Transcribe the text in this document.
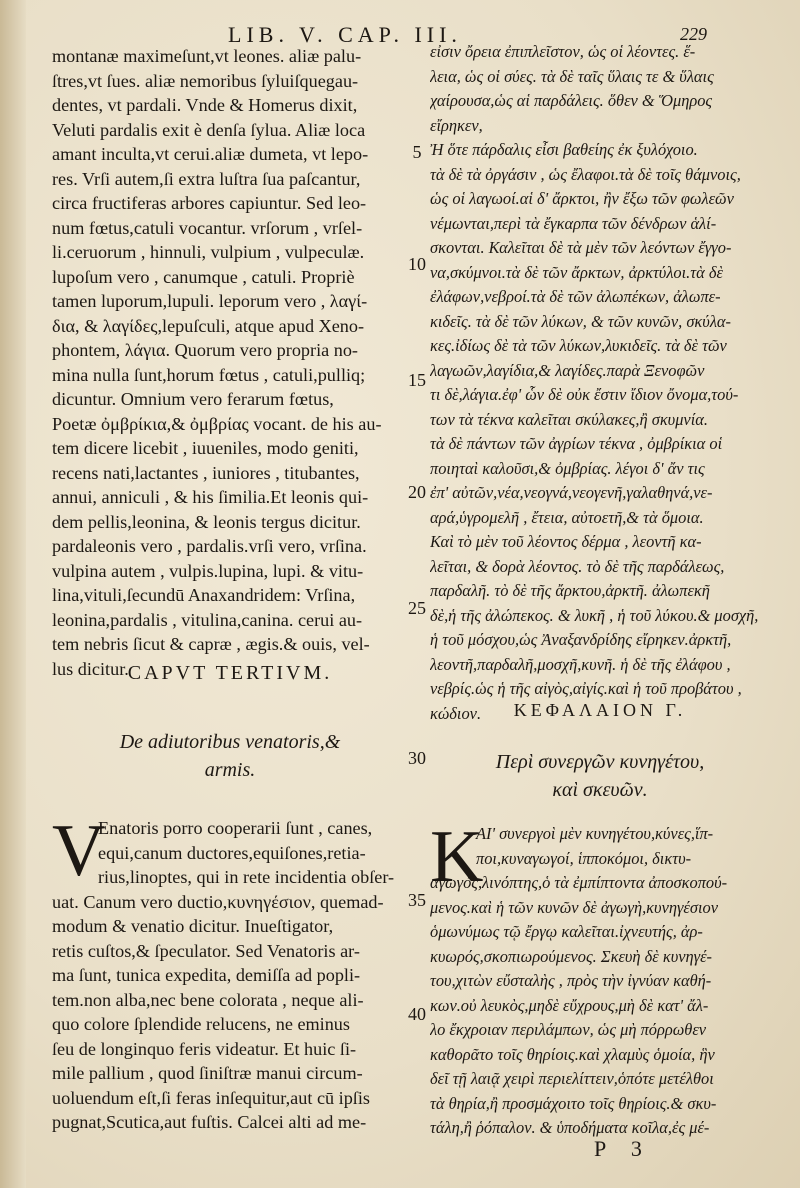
LIB. V. CAP. III.	229
montanæ maximeſunt,vt leones. aliæ palu-
ſtres,vt ſues. aliæ nemoribus ſyluiſquegau-
dentes, vt pardali. Vnde & Homerus dixit,
Veluti pardalis exit è denſa ſylua. Aliæ loca
amant inculta,vt cerui.aliæ dumeta, vt lepo-
res. Vrſi autem,ſi extra luſtra ſua paſcantur,
circa fructiferas arbores capiuntur. Sed leo-
num fœtus,catuli vocantur. vrſorum , vrſel-
li.ceruorum , hinnuli, vulpium , vulpeculæ.
lupoſum vero , canumque , catuli. Propriè
tamen luporum,lupuli. leporum vero , λαγί-
δια, & λαγίδες,lepuſculi, atque apud Xeno-
phontem, λάγια. Quorum vero propria no-
mina nulla ſunt,horum fœtus , catuli,pulliq;
dicuntur. Omnium vero ferarum fœtus,
Poetæ ὀμβρίκια,& ὀμβρίας vocant. de his au-
tem dicere licebit , iuueniles, modo geniti,
recens nati,lactantes , iuniores , titubantes,
annui, anniculi , & his ſimilia.Et leonis qui-
dem pellis,leonina, & leonis tergus dicitur.
pardaleonis vero , pardalis.vrſi vero, vrſina.
vulpina autem , vulpis.lupina, lupi. & vitu-
lina,vituli,ſecundū Anaxandridem: Vrſina,
leonina,pardalis , vitulina,canina. cerui au-
tem nebris ſicut & capræ , ægis.& ouis, vel-
lus dicitur.
εἰσιν ὄρεια ἐπιπλεῖστον, ὡς οἱ λέοντες. ἕ-
λεια, ὡς οἱ σύες. τὰ δὲ ταῖς ὕλαις τε & ὕλαις
χαίρουσα,ὡς αἱ παρδάλεις. ὅθεν & Ὅμηρος
εἴρηκεν,
Ἠ ὅτε πάρδαλις εἶσι βαθείης ἐκ ξυλόχοιο.
τὰ δὲ τὰ ὀργάσιν , ὡς ἔλαφοι.τὰ δὲ τοῖς θάμνοις,
ὡς οἱ λαγωοί.αἱ δ' ἄρκτοι, ἢν ἔξω τῶν φωλεῶν
νέμωνται,περὶ τὰ ἔγκαρπα τῶν δένδρων ἁλί-
σκονται. Καλεῖται δὲ τὰ μὲν τῶν λεόντων ἔγγο-
να,σκύμνοι.τὰ δὲ τῶν ἄρκτων, ἀρκτύλοι.τὰ δὲ
ἐλάφων,νεβροί.τὰ δὲ τῶν ἀλωπέκων, ἀλωπε-
κιδεῖς. τὰ δὲ τῶν λύκων, & τῶν κυνῶν, σκύλα-
κες.ἰδίως δὲ τὰ τῶν λύκων,λυκιδεῖς. τὰ δὲ τῶν
λαγωῶν,λαγίδια,& λαγίδες.παρὰ Ξενοφῶν
τι δὲ,λάγια.ἐφ' ὧν δὲ οὐκ ἔστιν ἴδιον ὄνομα,τού-
των τὰ τέκνα καλεῖται σκύλακες,ἢ σκυμνία.
τὰ δὲ πάντων τῶν ἀγρίων τέκνα , ὀμβρίκια οἱ
ποιηταὶ καλοῦσι,& ὀμβρίας. λέγοι δ' ἄν τις
ἐπ' αὐτῶν,νέα,νεογνά,νεογενῆ,γαλαθηνά,νε-
αρά,ὑγρομελῆ , ἔτεια, αὐτοετῆ,& τὰ ὅμοια.
Καὶ τὸ μὲν τοῦ λέοντος δέρμα , λεοντῆ κα-
λεῖται, & δορὰ λέοντος. τὸ δὲ τῆς παρδάλεως,
παρδαλῆ. τὸ δὲ τῆς ἄρκτου,ἀρκτῆ. ἀλωπεκῆ
δὲ,ἡ τῆς ἀλώπεκος. & λυκῆ , ἡ τοῦ λύκου.& μοσχῆ,
ἡ τοῦ μόσχου,ὡς Ἀναξανδρίδης εἴρηκεν.ἀρκτῆ,
λεοντῆ,παρδαλῆ,μοσχῆ,κυνῆ. ἡ δὲ τῆς ἐλάφου ,
νεβρίς.ὡς ἡ τῆς αἰγὸς,αἰγίς.καὶ ἡ τοῦ προβάτου ,
κώδιον.
5
10
15
20
25
30
35
40
CAPVT TERTIVM.
De adiutoribus venatoris,&
armis.
ΚΕΦΑΛΑΙΟΝ Γ.
Περὶ συνεργῶν κυνηγέτου,
καὶ σκευῶν.
V
Enatoris porro cooperarii ſunt , canes,
equi,canum ductores,equiſones,retia-
rius,linoptes, qui in rete incidentia obſer-
uat. Canum vero ductio,κυνηγέσιον, quemad-
modum & venatio dicitur. Inueſtigator,
retis cuſtos,& ſpeculator. Sed Venatoris ar-
ma ſunt, tunica expedita, demiſſa ad popli-
tem.non alba,nec bene colorata , neque ali-
quo colore ſplendide relucens, ne eminus
ſeu de longinquo feris videatur. Et huic ſi-
mile pallium , quod ſiniſtræ manui circum-
uoluendum eſt,ſi feras inſequitur,aut cū ipſis
pugnat,Scutica,aut fuſtis. Calcei alti ad me-
K
ΑΙ' συνεργοὶ μὲν κυνηγέτου,κύνες,ἵπ-
ποι,κυναγωγοί, ἱπποκόμοι, δικτυ-
αγωγός,λινόπτης,ὁ τὰ ἐμπίπτοντα ἀποσκοπού-
μενος.καὶ ἡ τῶν κυνῶν δὲ ἀγωγὴ,κυνηγέσιον
ὁμωνύμως τῷ ἔργῳ καλεῖται.ἰχνευτής, ἀρ-
κυωρός,σκοπιωρούμενος. Σκευὴ δὲ κυνηγέ-
του,χιτὼν εὔσταλὴς , πρὸς τὴν ἰγνύαν καθή-
κων.οὐ λευκὸς,μηδὲ εὔχρους,μὴ δὲ κατ' ἄλ-
λο ἔκχροιαν περιλάμπων, ὡς μὴ πόρρωθεν
καθορᾶτο τοῖς θηρίοις.καὶ χλαμὺς ὁμοία, ἣν
δεῖ τῇ λαιᾷ χειρὶ περιελίττειν,ὁπότε μετέλθοι
τὰ θηρία,ἢ προσμάχοιτο τοῖς θηρίοις.& σκυ-
τάλη,ἢ ῥόπαλον. & ὑποδήματα κοῖλα,ἐς μέ-
P 3
